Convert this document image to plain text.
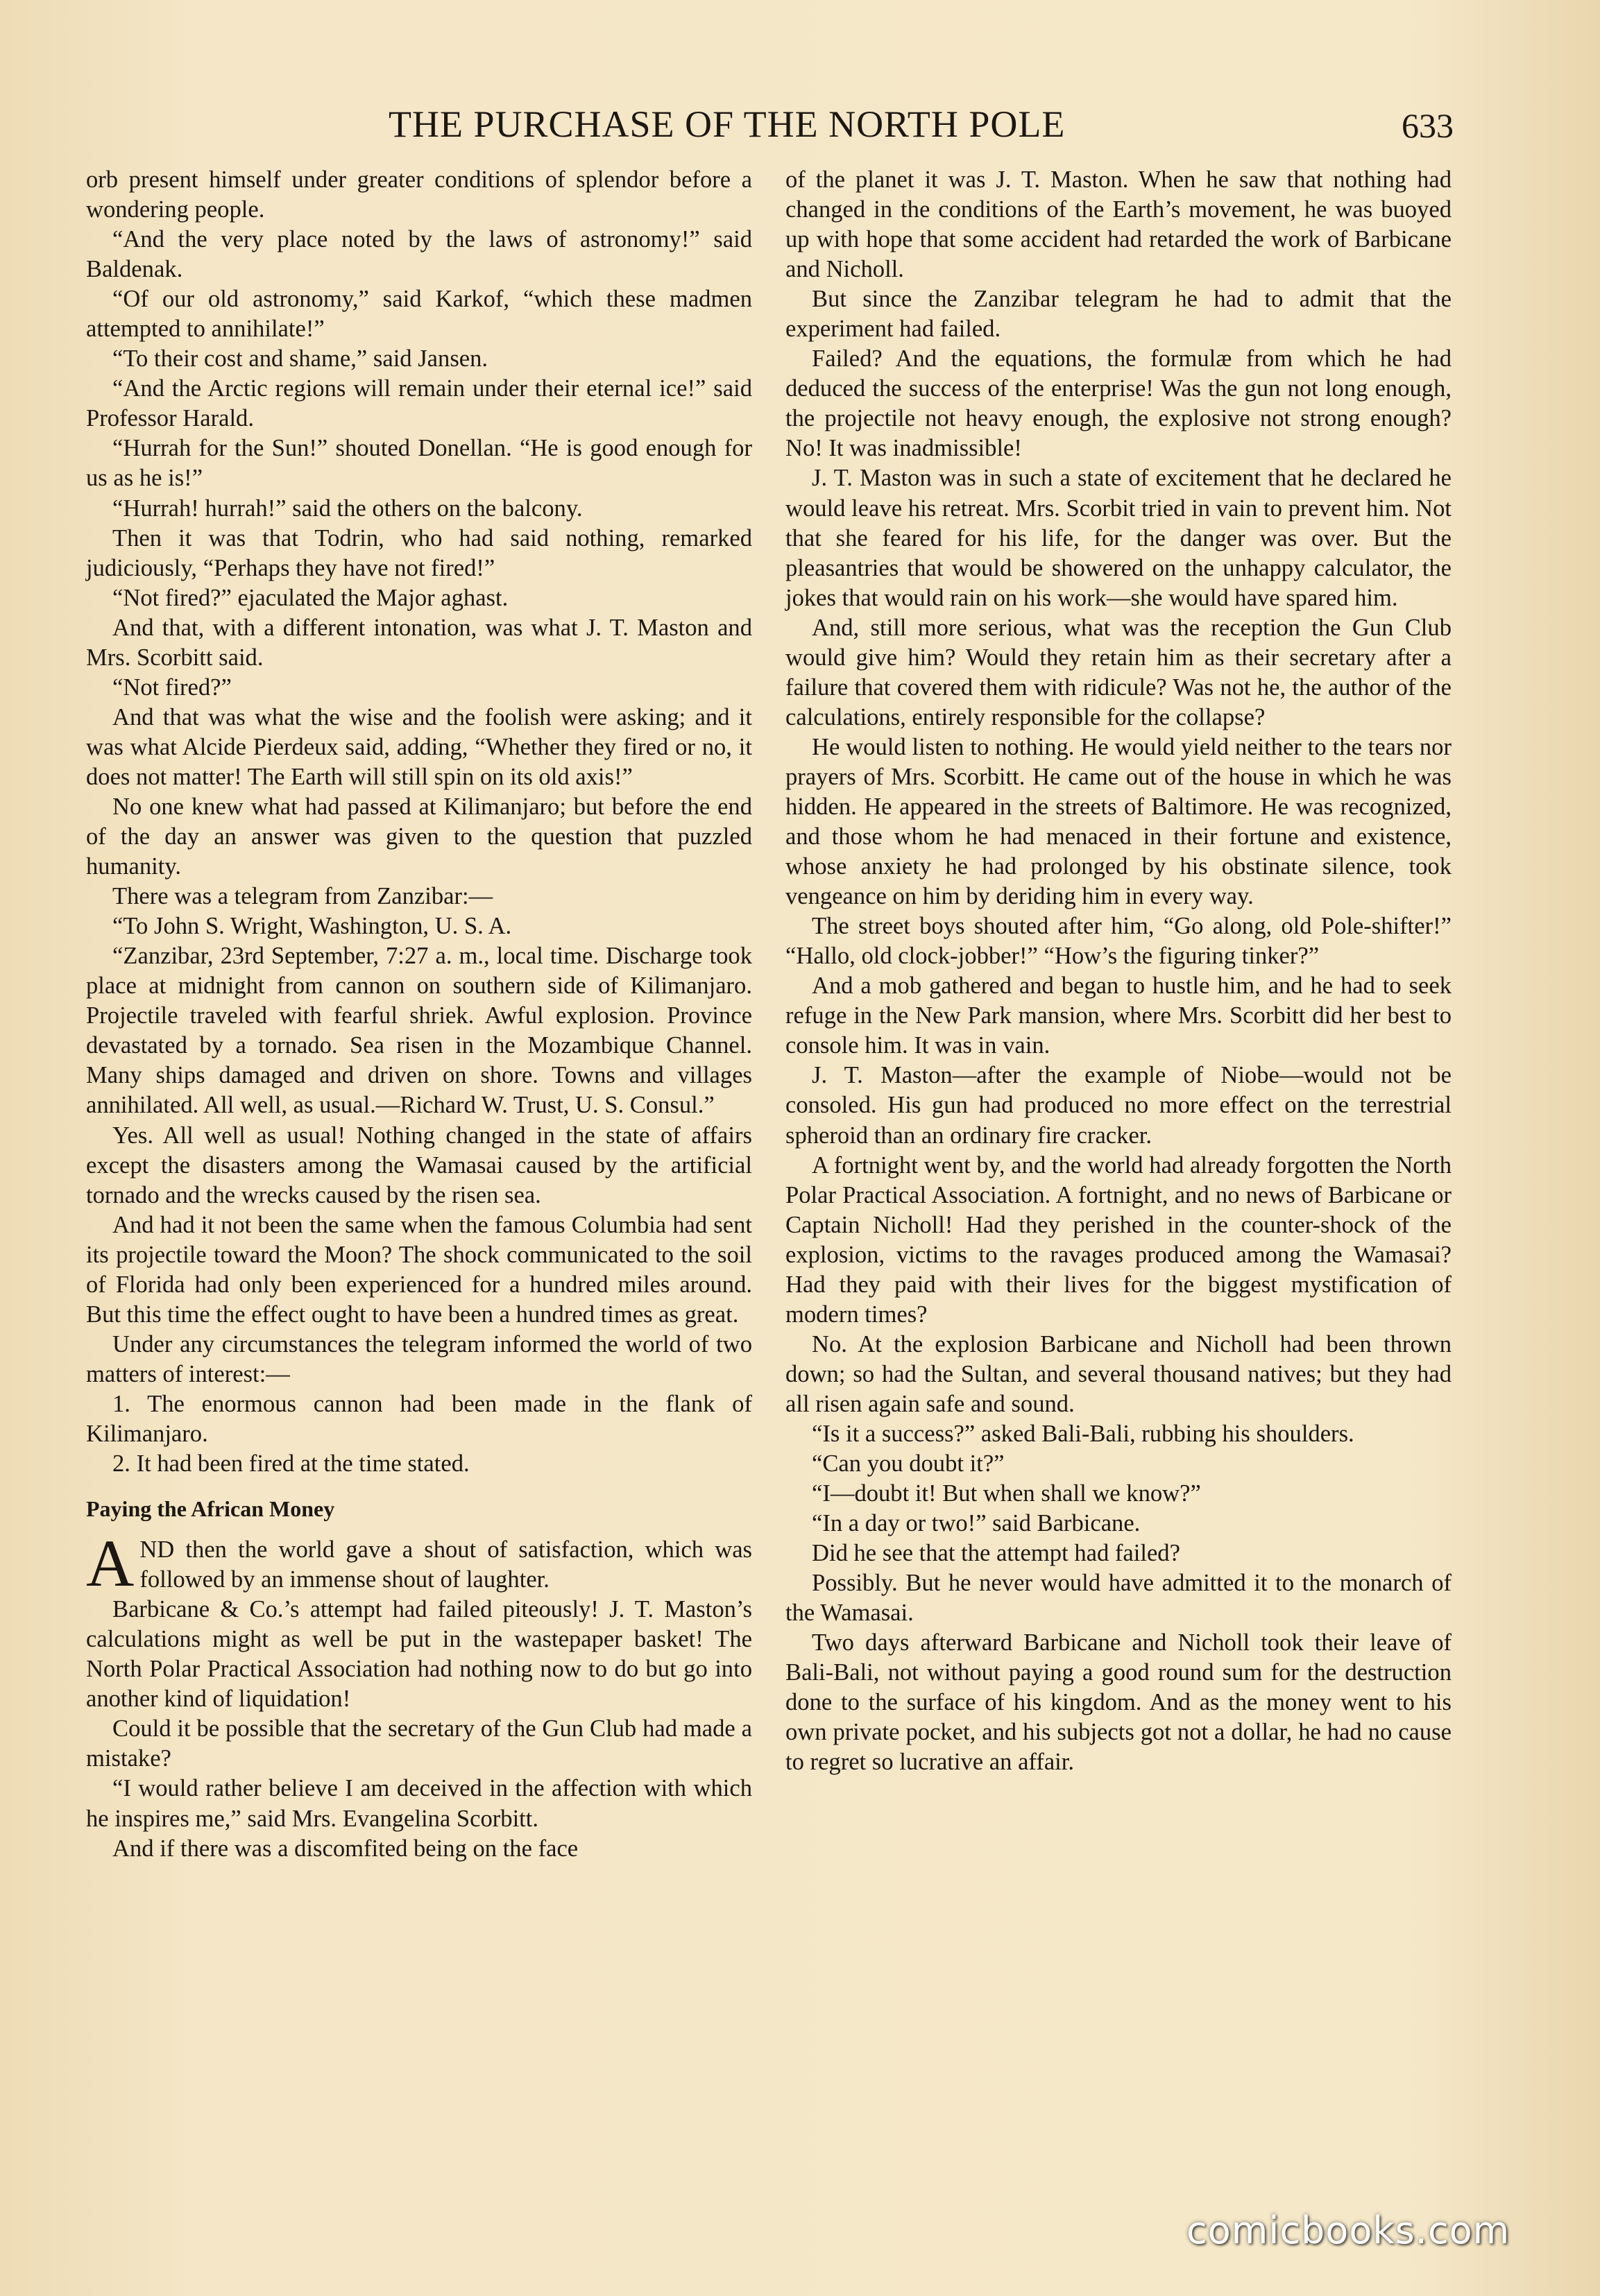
THE PURCHASE OF THE NORTH POLE	633

orb present himself under greater conditions of splendor before a wondering people.

“And the very place noted by the laws of astronomy!” said Baldenak.

“Of our old astronomy,” said Karkof, “which these madmen attempted to annihilate!”

“To their cost and shame,” said Jansen.

“And the Arctic regions will remain under their eternal ice!” said Professor Harald.

“Hurrah for the Sun!” shouted Donellan. “He is good enough for us as he is!”

“Hurrah! hurrah!” said the others on the balcony.

Then it was that Todrin, who had said nothing, remarked judiciously, “Perhaps they have not fired!”

“Not fired?” ejaculated the Major aghast.

And that, with a different intonation, was what J. T. Maston and Mrs. Scorbitt said.

“Not fired?”

And that was what the wise and the foolish were asking; and it was what Alcide Pierdeux said, adding, “Whether they fired or no, it does not matter! The Earth will still spin on its old axis!”

No one knew what had passed at Kilimanjaro; but before the end of the day an answer was given to the question that puzzled humanity.

There was a telegram from Zanzibar:—

“To John S. Wright, Washington, U. S. A.

“Zanzibar, 23rd September, 7:27 a. m., local time. Discharge took place at midnight from cannon on southern side of Kilimanjaro. Projectile traveled with fearful shriek. Awful explosion. Province devastated by a tornado. Sea risen in the Mozambique Channel. Many ships damaged and driven on shore. Towns and villages annihilated. All well, as usual.—Richard W. Trust, U. S. Consul.”

Yes. All well as usual! Nothing changed in the state of affairs except the disasters among the Wamasai caused by the artificial tornado and the wrecks caused by the risen sea.

And had it not been the same when the famous Columbia had sent its projectile toward the Moon? The shock communicated to the soil of Florida had only been experienced for a hundred miles around. But this time the effect ought to have been a hundred times as great.

Under any circumstances the telegram informed the world of two matters of interest:—

1. The enormous cannon had been made in the flank of Kilimanjaro.

2. It had been fired at the time stated.

Paying the African Money

AND then the world gave a shout of satisfaction, which was followed by an immense shout of laughter.

Barbicane & Co.’s attempt had failed piteously! J. T. Maston’s calculations might as well be put in the wastepaper basket! The North Polar Practical Association had nothing now to do but go into another kind of liquidation!

Could it be possible that the secretary of the Gun Club had made a mistake?

“I would rather believe I am deceived in the affection with which he inspires me,” said Mrs. Evangelina Scorbitt.

And if there was a discomfited being on the face

of the planet it was J. T. Maston. When he saw that nothing had changed in the conditions of the Earth’s movement, he was buoyed up with hope that some accident had retarded the work of Barbicane and Nicholl.

But since the Zanzibar telegram he had to admit that the experiment had failed.

Failed? And the equations, the formulæ from which he had deduced the success of the enterprise! Was the gun not long enough, the projectile not heavy enough, the explosive not strong enough? No! It was inadmissible!

J. T. Maston was in such a state of excitement that he declared he would leave his retreat. Mrs. Scorbit tried in vain to prevent him. Not that she feared for his life, for the danger was over. But the pleasantries that would be showered on the unhappy calculator, the jokes that would rain on his work—she would have spared him.

And, still more serious, what was the reception the Gun Club would give him? Would they retain him as their secretary after a failure that covered them with ridicule? Was not he, the author of the calculations, entirely responsible for the collapse?

He would listen to nothing. He would yield neither to the tears nor prayers of Mrs. Scorbitt. He came out of the house in which he was hidden. He appeared in the streets of Baltimore. He was recognized, and those whom he had menaced in their fortune and existence, whose anxiety he had prolonged by his obstinate silence, took vengeance on him by deriding him in every way.

The street boys shouted after him, “Go along, old Pole-shifter!” “Hallo, old clock-jobber!” “How’s the figuring tinker?”

And a mob gathered and began to hustle him, and he had to seek refuge in the New Park mansion, where Mrs. Scorbitt did her best to console him. It was in vain.

J. T. Maston—after the example of Niobe—would not be consoled. His gun had produced no more effect on the terrestrial spheroid than an ordinary fire cracker.

A fortnight went by, and the world had already forgotten the North Polar Practical Association. A fortnight, and no news of Barbicane or Captain Nicholl! Had they perished in the counter-shock of the explosion, victims to the ravages produced among the Wamasai? Had they paid with their lives for the biggest mystification of modern times?

No. At the explosion Barbicane and Nicholl had been thrown down; so had the Sultan, and several thousand natives; but they had all risen again safe and sound.

“Is it a success?” asked Bali-Bali, rubbing his shoulders.

“Can you doubt it?”

“I—doubt it! But when shall we know?”

“In a day or two!” said Barbicane.

Did he see that the attempt had failed?

Possibly. But he never would have admitted it to the monarch of the Wamasai.

Two days afterward Barbicane and Nicholl took their leave of Bali-Bali, not without paying a good round sum for the destruction done to the surface of his kingdom. And as the money went to his own private pocket, and his subjects got not a dollar, he had no cause to regret so lucrative an affair.

comicbooks.com
